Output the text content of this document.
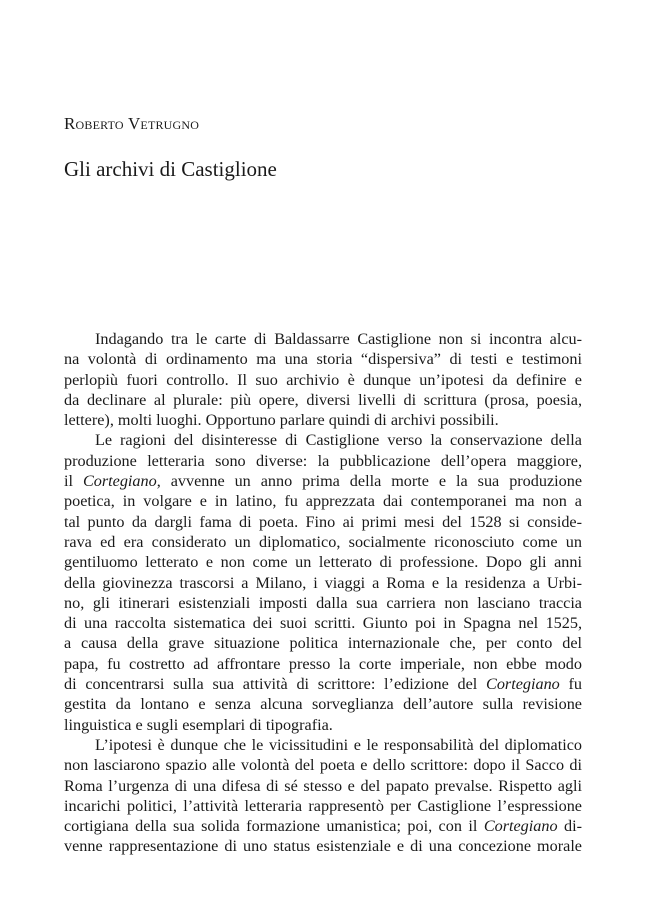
Roberto Vetrugno
Gli archivi di Castiglione
Indagando tra le carte di Baldassarre Castiglione non si incontra alcu-
na volontà di ordinamento ma una storia “dispersiva” di testi e testimoni
perlopiù fuori controllo. Il suo archivio è dunque un’ipotesi da definire e
da declinare al plurale: più opere, diversi livelli di scrittura (prosa, poesia,
lettere), molti luoghi. Opportuno parlare quindi di archivi possibili.
Le ragioni del disinteresse di Castiglione verso la conservazione della
produzione letteraria sono diverse: la pubblicazione dell’opera maggiore,
il Cortegiano, avvenne un anno prima della morte e la sua produzione
poetica, in volgare e in latino, fu apprezzata dai contemporanei ma non a
tal punto da dargli fama di poeta. Fino ai primi mesi del 1528 si conside-
rava ed era considerato un diplomatico, socialmente riconosciuto come un
gentiluomo letterato e non come un letterato di professione. Dopo gli anni
della giovinezza trascorsi a Milano, i viaggi a Roma e la residenza a Urbi-
no, gli itinerari esistenziali imposti dalla sua carriera non lasciano traccia
di una raccolta sistematica dei suoi scritti. Giunto poi in Spagna nel 1525,
a causa della grave situazione politica internazionale che, per conto del
papa, fu costretto ad affrontare presso la corte imperiale, non ebbe modo
di concentrarsi sulla sua attività di scrittore: l’edizione del Cortegiano fu
gestita da lontano e senza alcuna sorveglianza dell’autore sulla revisione
linguistica e sugli esemplari di tipografia.
L’ipotesi è dunque che le vicissitudini e le responsabilità del diplomatico
non lasciarono spazio alle volontà del poeta e dello scrittore: dopo il Sacco di
Roma l’urgenza di una difesa di sé stesso e del papato prevalse. Rispetto agli
incarichi politici, l’attività letteraria rappresentò per Castiglione l’espressione
cortigiana della sua solida formazione umanistica; poi, con il Cortegiano di-
venne rappresentazione di uno status esistenziale e di una concezione morale
